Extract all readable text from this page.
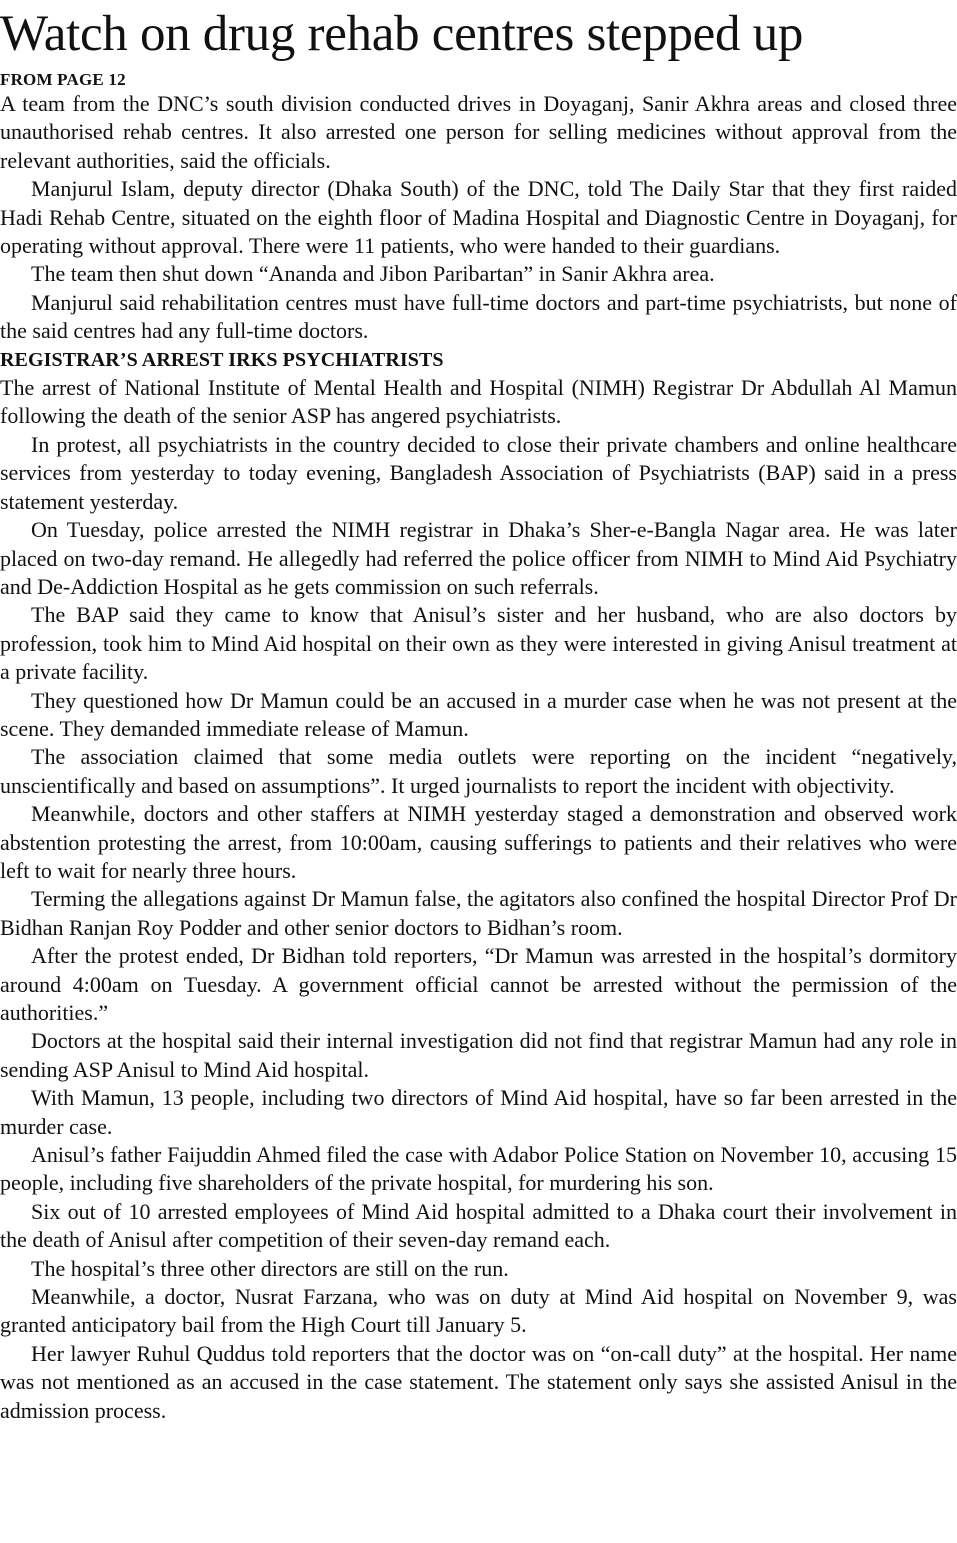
Watch on drug rehab centres stepped up
FROM PAGE 12

A team from the DNC’s south division conducted drives in Doyaganj, Sanir Akhra areas and closed three unauthorised rehab centres. It also arrested one person for selling medicines without approval from the relevant authorities, said the officials.

Manjurul Islam, deputy director (Dhaka South) of the DNC, told The Daily Star that they first raided Hadi Rehab Centre, situated on the eighth floor of Madina Hospital and Diagnostic Centre in Doyaganj, for operating without approval. There were 11 patients, who were handed to their guardians.

The team then shut down “Ananda and Jibon Paribartan” in Sanir Akhra area.

Manjurul said rehabilitation centres must have full-time doctors and part-time psychiatrists, but none of the said centres had any full-time doctors.

REGISTRAR’S ARREST IRKS PSYCHIATRISTS

The arrest of National Institute of Mental Health and Hospital (NIMH) Registrar Dr Abdullah Al Mamun following the death of the senior ASP has angered psychiatrists.

In protest, all psychiatrists in the country decided to close their private chambers and online healthcare services from yesterday to today evening, Bangladesh Association of Psychiatrists (BAP) said in a press statement yesterday.

On Tuesday, police arrested the NIMH registrar in Dhaka’s Sher-e-Bangla Nagar area. He was later placed on two-day remand. He allegedly had referred the police officer from NIMH to Mind Aid Psychiatry and De-Addiction Hospital as he gets commission on such referrals.

The BAP said they came to know that Anisul’s sister and her husband, who are also doctors by profession, took him to Mind Aid hospital on their own as they were interested in giving Anisul treatment at a private facility.

They questioned how Dr Mamun could be an accused in a murder case when he was not present at the scene. They demanded immediate release of Mamun.

The association claimed that some media outlets were reporting on the incident “negatively, unscientifically and based on assumptions”. It urged journalists to report the incident with objectivity.

Meanwhile, doctors and other staffers at NIMH yesterday staged a demonstration and observed work abstention protesting the arrest, from 10:00am, causing sufferings to patients and their relatives who were left to wait for nearly three hours.

Terming the allegations against Dr Mamun false, the agitators also confined the hospital Director Prof Dr Bidhan Ranjan Roy Podder and other senior doctors to Bidhan’s room.

After the protest ended, Dr Bidhan told reporters, “Dr Mamun was arrested in the hospital’s dormitory around 4:00am on Tuesday. A government official cannot be arrested without the permission of the authorities.”

Doctors at the hospital said their internal investigation did not find that registrar Mamun had any role in sending ASP Anisul to Mind Aid hospital.

With Mamun, 13 people, including two directors of Mind Aid hospital, have so far been arrested in the murder case.

Anisul’s father Faijuddin Ahmed filed the case with Adabor Police Station on November 10, accusing 15 people, including five shareholders of the private hospital, for murdering his son.

Six out of 10 arrested employees of Mind Aid hospital admitted to a Dhaka court their involvement in the death of Anisul after competition of their seven-day remand each.

The hospital’s three other directors are still on the run.

Meanwhile, a doctor, Nusrat Farzana, who was on duty at Mind Aid hospital on November 9, was granted anticipatory bail from the High Court till January 5.

Her lawyer Ruhul Quddus told reporters that the doctor was on “on-call duty” at the hospital. Her name was not mentioned as an accused in the case statement. The statement only says she assisted Anisul in the admission process.
